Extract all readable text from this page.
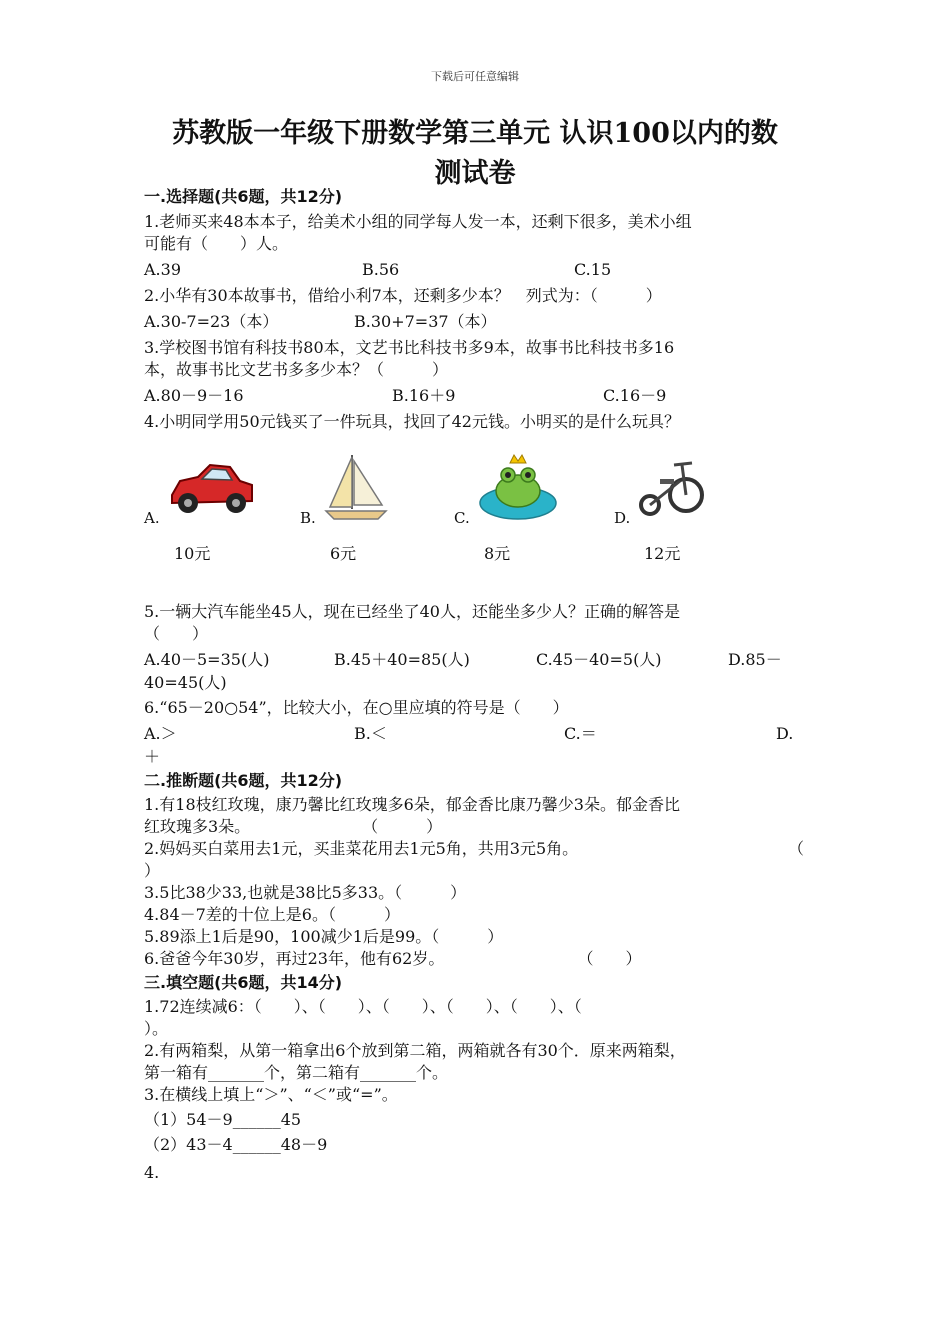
下载后可任意编辑
苏教版一年级下册数学第三单元 认识100以内的数
测试卷
一.选择题(共6题，共12分)
1.老师买来48本本子，给美术小组的同学每人发一本，还剩下很多，美术小组
可能有（　　）人。
A.39	B.56	C.15
2.小华有30本故事书，借给小利7本，还剩多少本？　列式为：（　　　）
A.30-7=23（本）	B.30+7=37（本）
3.学校图书馆有科技书80本，文艺书比科技书多9本，故事书比科技书多16
本，故事书比文艺书多多少本？（　　　）
A.80－9－16	B.16＋9	C.16－9
4.小明同学用50元钱买了一件玩具，找回了42元钱。小明买的是什么玩具？
A.
10元
B.
6元
C.
8元
D.
12元
5.一辆大汽车能坐45人，现在已经坐了40人，还能坐多少人？正确的解答是
（　　）
A.40－5=35(人)	B.45＋40=85(人)	C.45－40=5(人)	D.85－
40=45(人)
6.“65－20○54”，比较大小，在○里应填的符号是（　　）
A.＞	B.＜	C.＝	D.
＋
二.推断题(共6题，共12分)
1.有18枝红玫瑰，康乃馨比红玫瑰多6朵，郁金香比康乃馨少3朵。郁金香比
红玫瑰多3朵。　　　　　　　　（　　　）
2.妈妈买白菜用去1元，买韭菜花用去1元5角，共用3元5角。	（
）
3.5比38少33,也就是38比5多33。（　　　）
4.84－7差的十位上是6。（　　　）
5.89添上1后是90，100减少1后是99。（　　　）
6.爸爸今年30岁，再过23年，他有62岁。	（　　）
三.填空题(共6题，共14分)
1.72连续减6：（　　）、（　　）、（　　）、（　　）、（　　）、（
）。
2.有两箱梨，从第一箱拿出6个放到第二箱，两箱就各有30个．原来两箱梨，
第一箱有_______个，第二箱有_______个。
3.在横线上填上“＞”、“＜”或“=”。
（1）54－9______45
（2）43－4______48－9
4.
